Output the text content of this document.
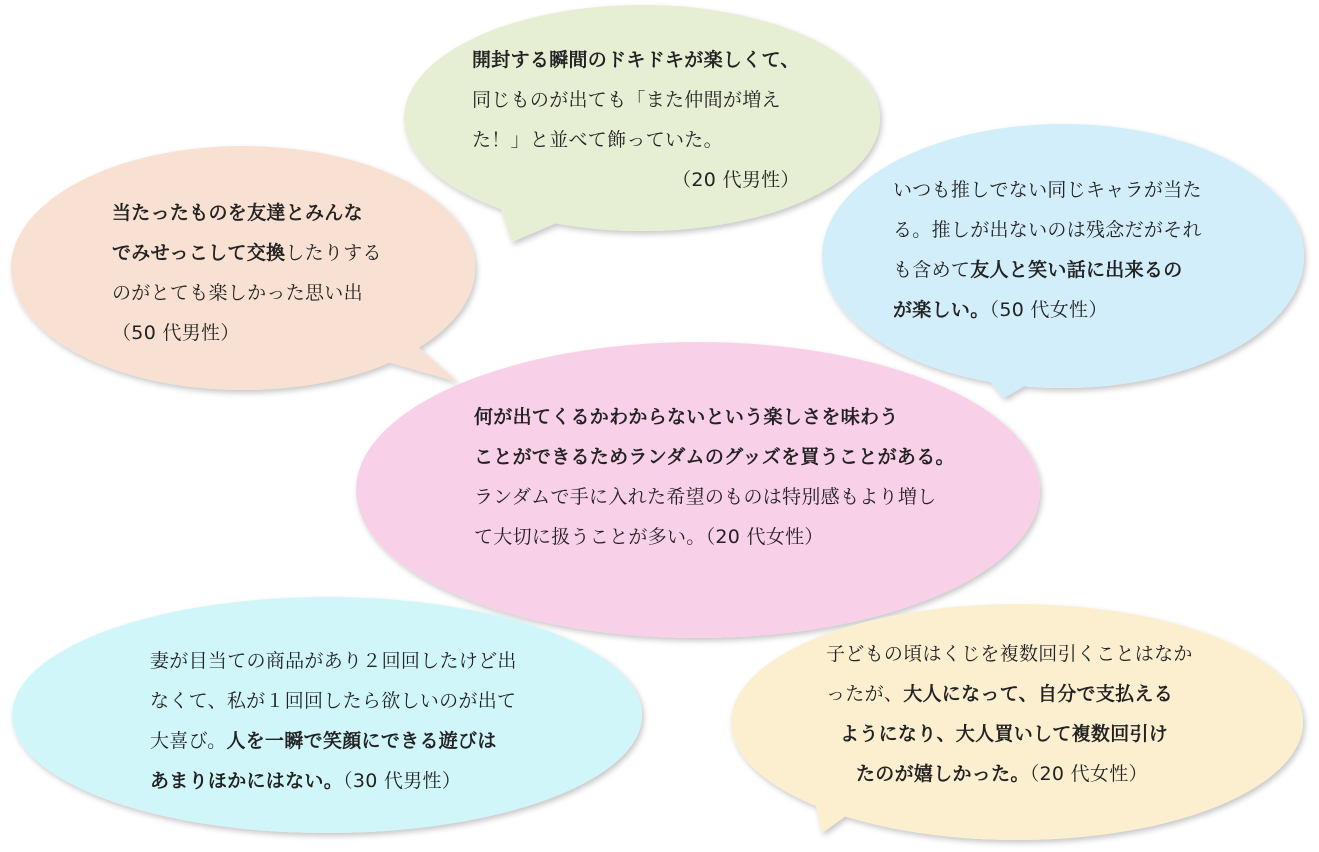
開封する瞬間のドキドキが楽しくて、
同じものが出ても「また仲間が増え
た！」と並べて飾っていた。
（20 代男性）
当たったものを友達とみんな
でみせっこして交換したりする
のがとても楽しかった思い出
（50 代男性）
いつも推しでない同じキャラが当た
る。推しが出ないのは残念だがそれ
も含めて友人と笑い話に出来るの
が楽しい。（50 代女性）
何が出てくるかわからないという楽しさを味わう
ことができるためランダムのグッズを買うことがある。
ランダムで手に入れた希望のものは特別感もより増し
て大切に扱うことが多い。（20 代女性）
妻が目当ての商品があり２回回したけど出
なくて、私が１回回したら欲しいのが出て
大喜び。人を一瞬で笑顔にできる遊びは
あまりほかにはない。（30 代男性）
子どもの頃はくじを複数回引くことはなか
ったが、大人になって、自分で支払える
ようになり、大人買いして複数回引け
たのが嬉しかった。（20 代女性）
